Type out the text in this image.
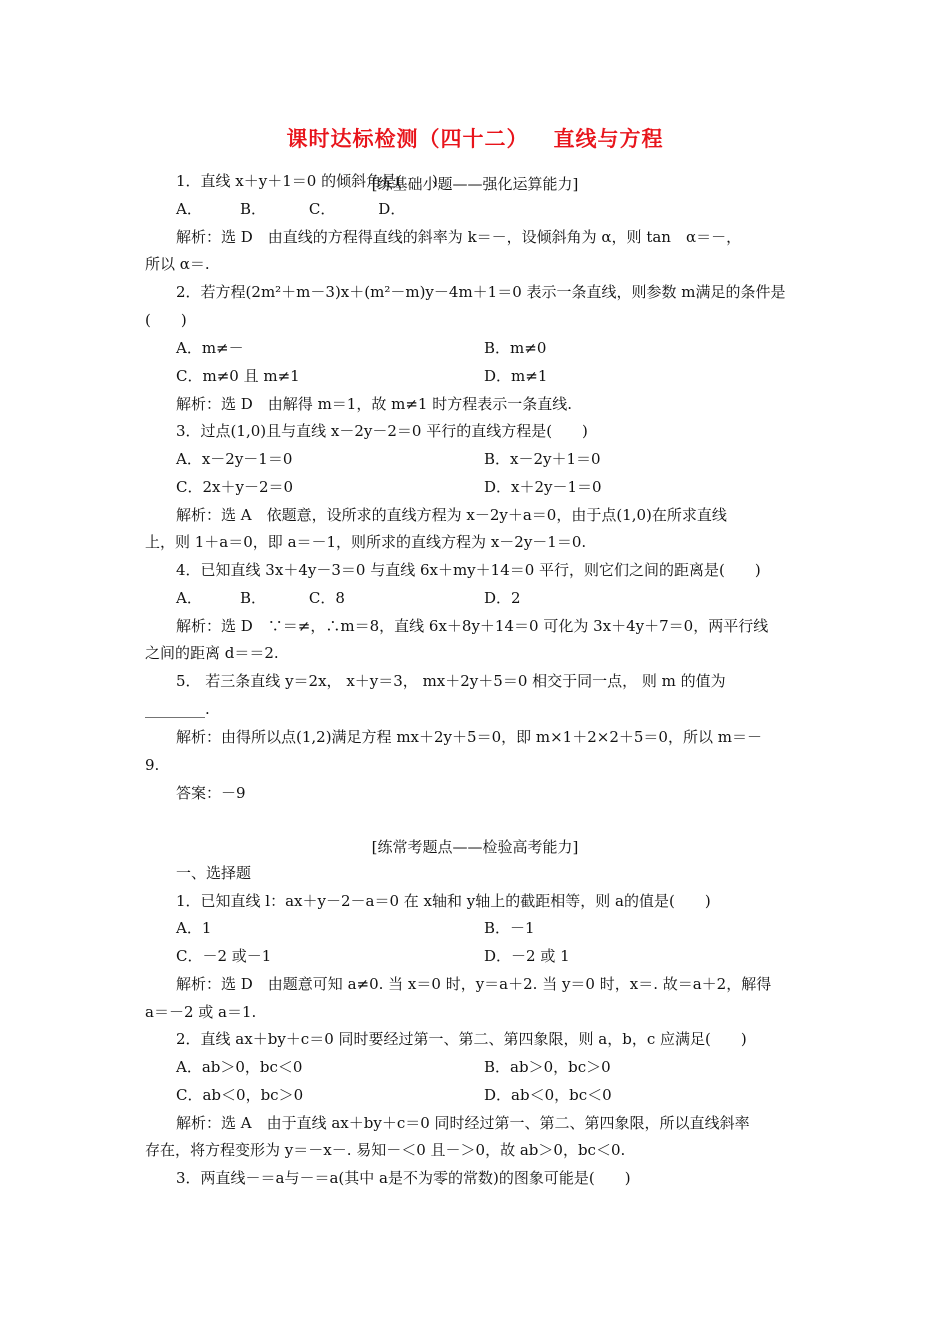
课时达标检测（四十二）   直线与方程
[练基础小题——强化运算能力]
1．直线 x＋y＋1＝0 的倾斜角是(　　)
A．        B．         C．         D．
解析：选 D　由直线的方程得直线的斜率为 k＝－，设倾斜角为 α，则 tan　α＝－，
所以 α＝.
2．若方程(2m²＋m－3)x＋(m²－m)y－4m＋1＝0 表示一条直线，则参数 m满足的条件是
(　　)
A．m≠－	B．m≠0
C．m≠0 且 m≠1	D．m≠1
解析：选 D　由解得 m＝1，故 m≠1 时方程表示一条直线.
3．过点(1,0)且与直线 x－2y－2＝0 平行的直线方程是(　　)
A．x－2y－1＝0	B．x－2y＋1＝0
C．2x＋y－2＝0	D．x＋2y－1＝0
解析：选 A　依题意，设所求的直线方程为 x－2y＋a＝0，由于点(1,0)在所求直线
上，则 1＋a＝0，即 a＝－1，则所求的直线方程为 x－2y－1＝0.
4．已知直线 3x＋4y－3＝0 与直线 6x＋my＋14＝0 平行，则它们之间的距离是(　　)
A．        B．         C．8	D．2
解析：选 D　∵＝≠，∴m＝8，直线 6x＋8y＋14＝0 可化为 3x＋4y＋7＝0，两平行线
之间的距离 d＝＝2.
5． 若三条直线 y＝2x， x＋y＝3， mx＋2y＋5＝0 相交于同一点， 则 m 的值为
________.
解析：由得所以点(1,2)满足方程 mx＋2y＋5＝0，即 m×1＋2×2＋5＝0，所以 m＝－
9.
答案：－9
[练常考题点——检验高考能力]
一、选择题
1．已知直线 l：ax＋y－2－a＝0 在 x轴和 y轴上的截距相等，则 a的值是(　　)
A．1	B．－1
C．－2 或－1	D．－2 或 1
解析：选 D　由题意可知 a≠0. 当 x＝0 时，y＝a＋2. 当 y＝0 时，x＝. 故＝a＋2，解得
a＝－2 或 a＝1.
2．直线 ax＋by＋c＝0 同时要经过第一、第二、第四象限，则 a，b，c 应满足(　　)
A．ab＞0，bc＜0	B．ab＞0，bc＞0
C．ab＜0，bc＞0	D．ab＜0，bc＜0
解析：选 A　由于直线 ax＋by＋c＝0 同时经过第一、第二、第四象限，所以直线斜率
存在，将方程变形为 y＝－x－. 易知－＜0 且－＞0，故 ab＞0，bc＜0.
3．两直线－＝a与－＝a(其中 a是不为零的常数)的图象可能是(　　)
